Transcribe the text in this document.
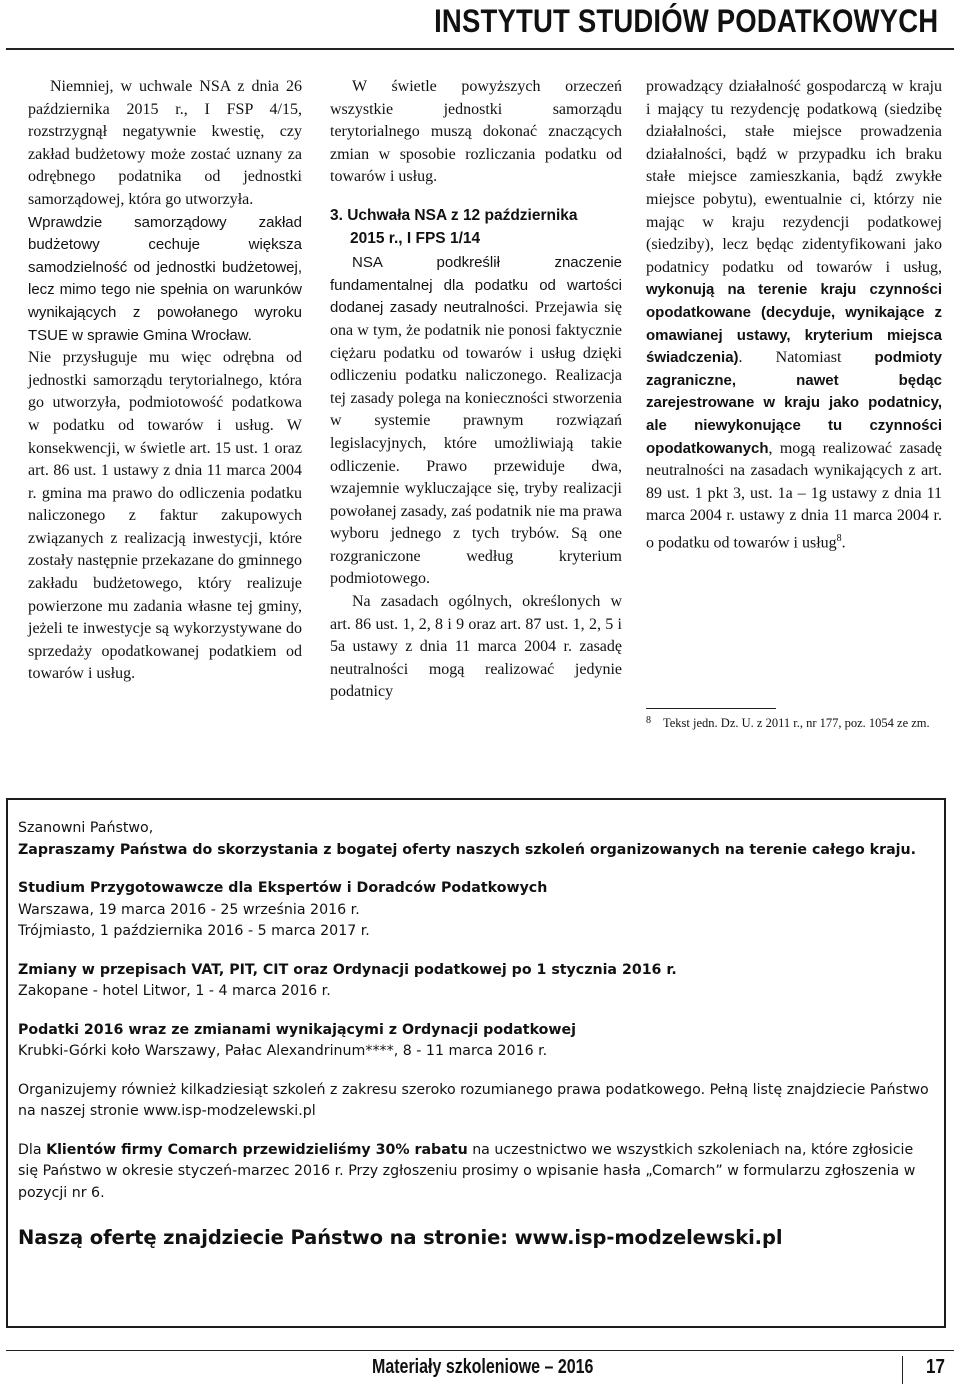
INSTYTUT STUDIÓW PODATKOWYCH

Niemniej, w uchwale NSA z dnia 26 października 2015 r., I FSP 4/15, rozstrzygnął negatywnie kwestię, czy zakład budżetowy może zostać uznany za odrębnego podatnika od jednostki samorządowej, która go utworzyła.

Wprawdzie samorządowy zakład budżetowy cechuje większa samodzielność od jednostki budżetowej, lecz mimo tego nie spełnia on warunków wynikających z powołanego wyroku TSUE w sprawie Gmina Wrocław.

Nie przysługuje mu więc odrębna od jednostki samorządu terytorialnego, która go utworzyła, podmiotowość podatkowa w podatku od towarów i usług. W konsekwencji, w świetle art. 15 ust. 1 oraz art. 86 ust. 1 ustawy z dnia 11 marca 2004 r. gmina ma prawo do odliczenia podatku naliczonego z faktur zakupowych związanych z realizacją inwestycji, które zostały następnie przekazane do gminnego zakładu budżetowego, który realizuje powierzone mu zadania własne tej gminy, jeżeli te inwestycje są wykorzystywane do sprzedaży opodatkowanej podatkiem od towarów i usług.

W świetle powyższych orzeczeń wszystkie jednostki samorządu terytorialnego muszą dokonać znaczących zmian w sposobie rozliczania podatku od towarów i usług.

3. Uchwała NSA z 12 października
2015 r., I FPS 1/14

NSA podkreślił znaczenie fundamentalnej dla podatku od wartości dodanej zasady neutralności. Przejawia się ona w tym, że podatnik nie ponosi faktycznie ciężaru podatku od towarów i usług dzięki odliczeniu podatku naliczonego. Realizacja tej zasady polega na konieczności stworzenia w systemie prawnym rozwiązań legislacyjnych, które umożliwiają takie odliczenie. Prawo przewiduje dwa, wzajemnie wykluczające się, tryby realizacji powołanej zasady, zaś podatnik nie ma prawa wyboru jednego z tych trybów. Są one rozgraniczone według kryterium podmiotowego.

Na zasadach ogólnych, określonych w art. 86 ust. 1, 2, 8 i 9 oraz art. 87 ust. 1, 2, 5 i 5a ustawy z dnia 11 marca 2004 r. zasadę neutralności mogą realizować jedynie podatnicy

prowadzący działalność gospodarczą w kraju i mający tu rezydencję podatkową (siedzibę działalności, stałe miejsce prowadzenia działalności, bądź w przypadku ich braku stałe miejsce zamieszkania, bądź zwykłe miejsce pobytu), ewentualnie ci, którzy nie mając w kraju rezydencji podatkowej (siedziby), lecz będąc zidentyfikowani jako podatnicy podatku od towarów i usług, wykonują na terenie kraju czynności opodatkowane (decyduje, wynikające z omawianej ustawy, kryterium miejsca świadczenia). Natomiast podmioty zagraniczne, nawet będąc zarejestrowane w kraju jako podatnicy, ale niewykonujące tu czynności opodatkowanych, mogą realizować zasadę neutralności na zasadach wynikających z art. 89 ust. 1 pkt 3, ust. 1a – 1g ustawy z dnia 11 marca 2004 r. ustawy z dnia 11 marca 2004 r. o podatku od towarów i usług$^8$.

$^8$ Tekst jedn. Dz. U. z 2011 r., nr 177, poz. 1054 ze zm.

Szanowni Państwo,

Zapraszamy Państwa do skorzystania z bogatej oferty naszych szkoleń organizowanych na terenie całego kraju.

Studium Przygotowawcze dla Ekspertów i Doradców Podatkowych

Warszawa, 19 marca 2016 - 25 września 2016 r.

Trójmiasto, 1 października 2016 - 5 marca 2017 r.

Zmiany w przepisach VAT, PIT, CIT oraz Ordynacji podatkowej po 1 stycznia 2016 r.

Zakopane - hotel Litwor, 1 - 4 marca 2016 r.

Podatki 2016 wraz ze zmianami wynikającymi z Ordynacji podatkowej

Krubki-Górki koło Warszawy, Pałac Alexandrinum****, 8 - 11 marca 2016 r.

Organizujemy również kilkadziesiąt szkoleń z zakresu szeroko rozumianego prawa podatkowego. Pełną listę znajdziecie Państwo na naszej stronie www.isp-modzelewski.pl

Dla Klientów firmy Comarch przewidzieliśmy 30% rabatu na uczestnictwo we wszystkich szkoleniach na, które zgłosicie się Państwo w okresie styczeń-marzec 2016 r. Przy zgłoszeniu prosimy o wpisanie hasła „Comarch” w formularzu zgłoszenia w pozycji nr 6.

Naszą ofertę znajdziecie Państwo na stronie: www.isp-modzelewski.pl

Materiały szkoleniowe – 2016	17
